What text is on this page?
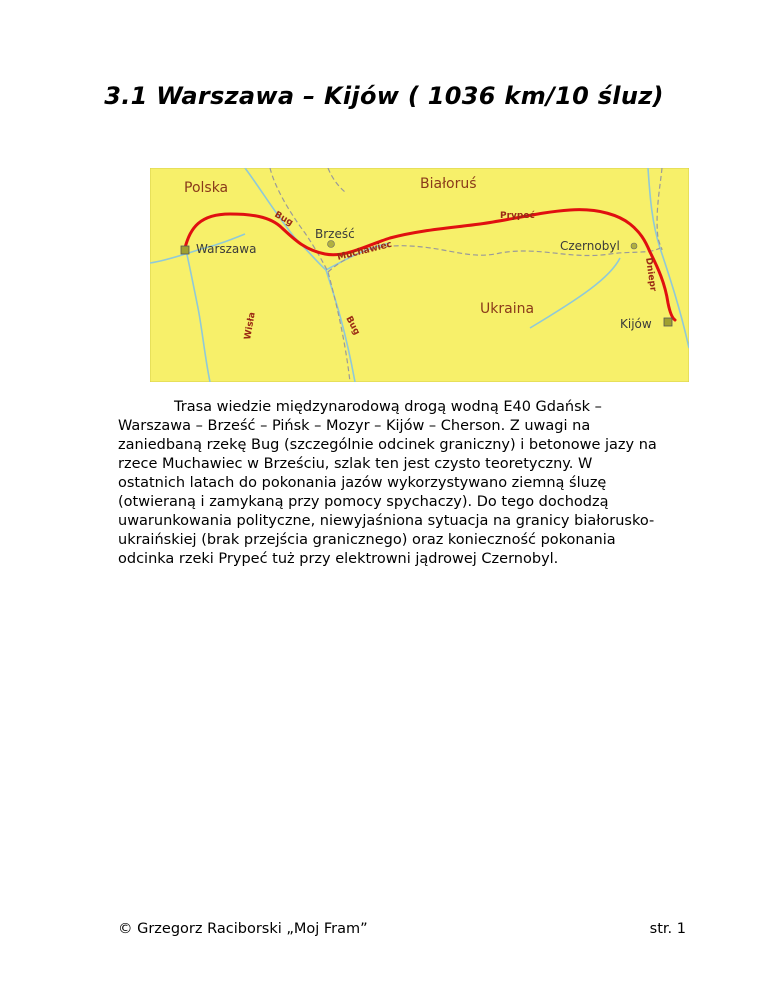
3.1 Warszawa – Kijów ( 1036 km/10 śluz)
Polska	Białoruś
Ukraina
Warszawa
Brześć
Czernobyl
Kijów
Bug
Bug
Muchawiec
Prypeć
Dniepr
Wisła

Trasa wiedzie międzynarodową drogą wodną E40 Gdańsk – Warszawa – Brześć – Pińsk – Mozyr – Kijów – Cherson. Z uwagi na zaniedbaną rzekę Bug (szczególnie odcinek graniczny) i betonowe jazy na rzece Muchawiec w Brześciu, szlak ten jest czysto teoretyczny. W ostatnich latach do pokonania jazów wykorzystywano ziemną śluzę (otwieraną i zamykaną przy pomocy spychaczy). Do tego dochodzą uwarunkowania polityczne, niewyjaśniona sytuacja na granicy białorusko-ukraińskiej (brak przejścia granicznego) oraz konieczność pokonania odcinka rzeki Prypeć tuż przy elektrowni jądrowej Czernobyl.

© Grzegorz Raciborski „Moj Fram”	str. 1
